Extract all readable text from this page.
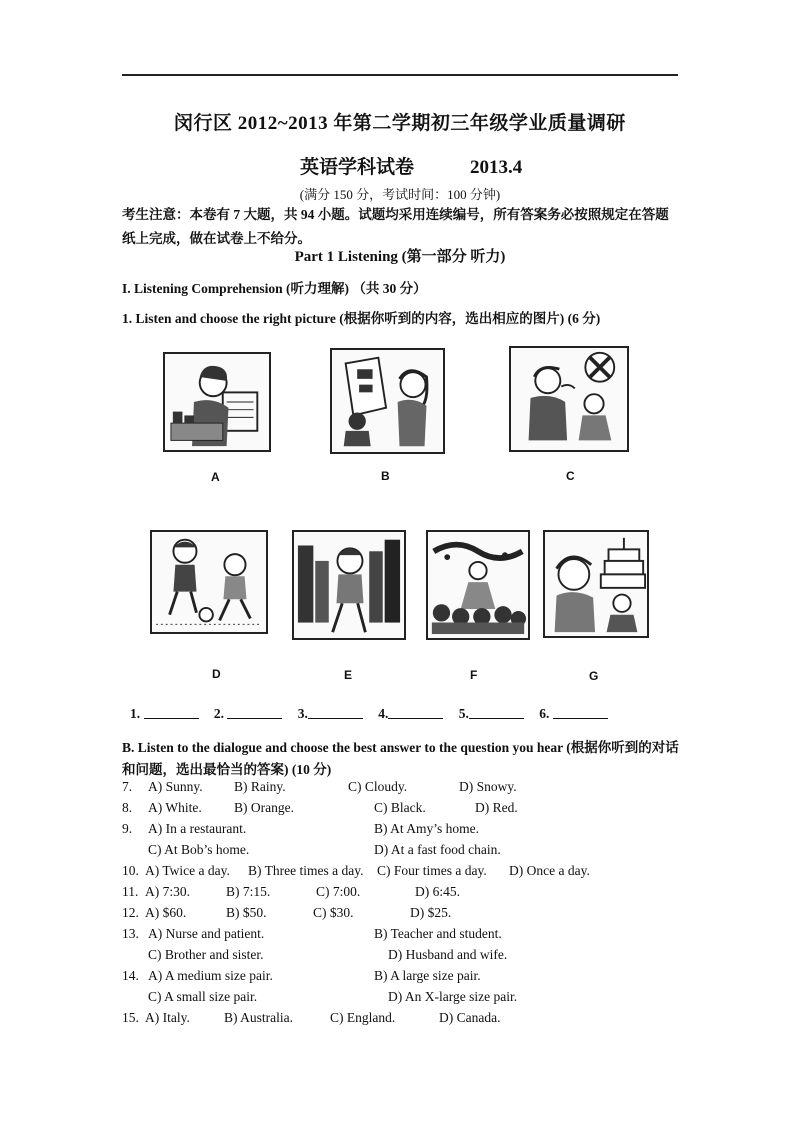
闵行区 2012~2013 年第二学期初三年级学业质量调研
英语学科试卷	2013.4
(满分 150 分，考试时间：100 分钟)
考生注意：本卷有 7 大题，共 94 小题。试题均采用连续编号，所有答案务必按照规定在答题纸上完成，做在试卷上不给分。
Part 1 Listening (第一部分 听力)
I. Listening Comprehension (听力理解) （共 30 分）
1. Listen and choose the right picture (根据你听到的内容，选出相应的图片) (6 分)
A	B	C
D	E	F	G
1.	2.	3.	4.	5.	6.
B. Listen to the dialogue and choose the best answer to the question you hear (根据你听到的对话和问题，选出最恰当的答案) (10 分)
7. A) Sunny. B) Rainy.	C) Cloudy.	D) Snowy.
8. A) White. B) Orange.	C) Black.	D) Red.
9. A) In a restaurant.	B) At Amy’s home.
C) At Bob’s home.	D) At a fast food chain.
10. A) Twice a day. B) Three times a day. C) Four times a day. D) Once a day.
11. A) 7:30.	B) 7:15.	C) 7:00.	D) 6:45.
12. A) $60.	B) $50.	C) $30.	D) $25.
13. A) Nurse and patient.	B) Teacher and student.
C) Brother and sister.	D) Husband and wife.
14. A) A medium size pair.	B) A large size pair.
C) A small size pair.	D) An X-large size pair.
15. A) Italy.	B) Australia.	C) England.	D) Canada.
